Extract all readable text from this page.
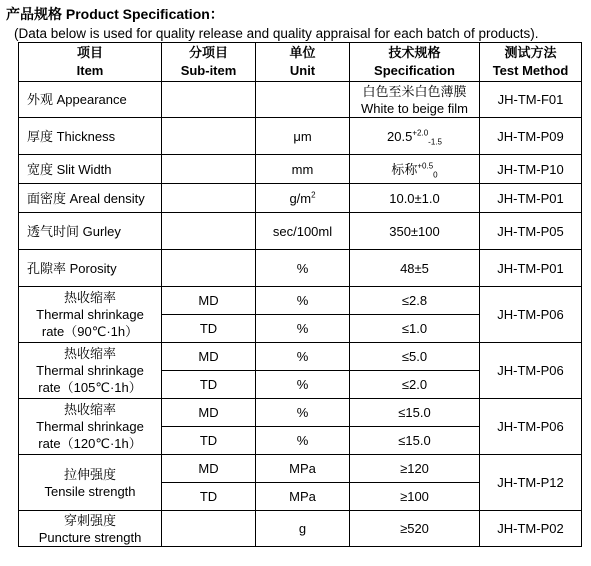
产品规格 Product Specification：
(Data below is used for quality release and quality appraisal for each batch of products).
项目
Item	分项目
Sub-item	单位
Unit	技术规格
Specification	测试方法
Test Method
外观 Appearance			白色至米白色薄膜
White to beige film	JH-TM-F01
厚度 Thickness		μm	$20.5^{+2.0}_{-1.5}$	JH-TM-P09
宽度 Slit Width		mm	标称$^{+0.5}_0$	JH-TM-P10
面密度 Areal density		$g/m^2$	10.0±1.0	JH-TM-P01
透气时间 Gurley		sec/100ml	350±100	JH-TM-P05
孔隙率 Porosity		%	48±5	JH-TM-P01
热收缩率
Thermal shrinkage
rate（90℃·1h）	MD	%	≤2.8	JH-TM-P06
	TD	%	≤1.0	
热收缩率
Thermal shrinkage
rate（105℃·1h）	MD	%	≤5.0	JH-TM-P06
	TD	%	≤2.0	
热收缩率
Thermal shrinkage
rate（120℃·1h）	MD	%	≤15.0	JH-TM-P06
	TD	%	≤15.0	
拉伸强度
Tensile strength	MD	MPa	≥120	JH-TM-P12
	TD	MPa	≥100	
穿刺强度
Puncture strength		g	≥520	JH-TM-P02
